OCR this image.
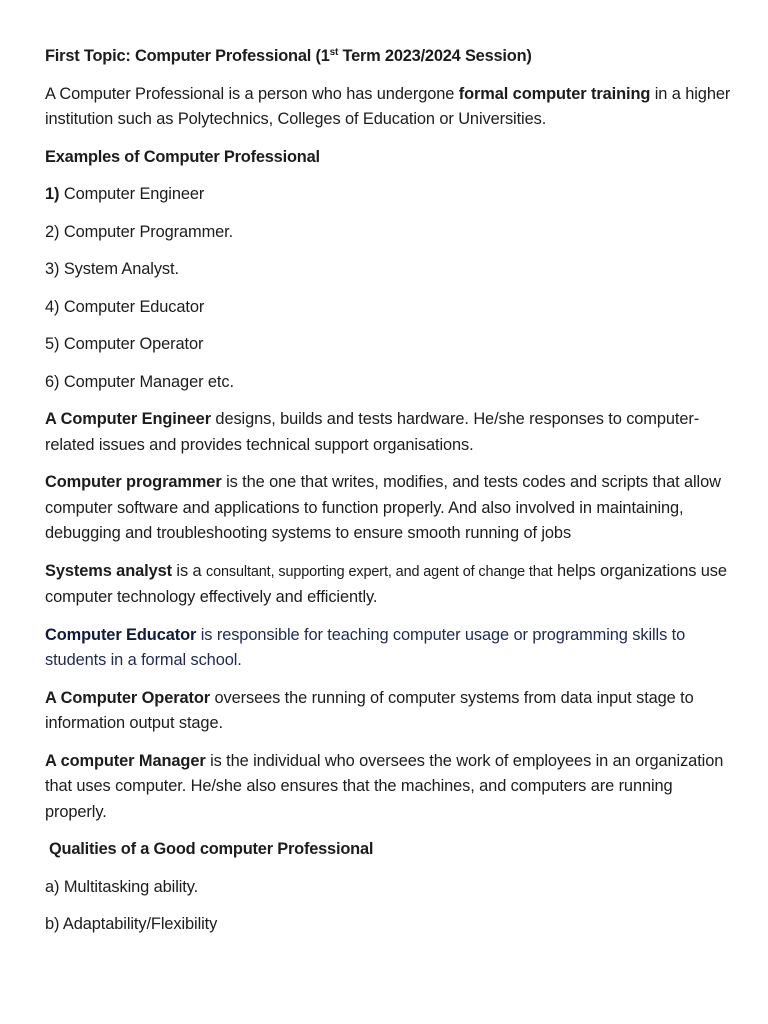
First Topic: Computer Professional (1st Term 2023/2024 Session)

A Computer Professional is a person who has undergone formal computer training in a higher institution such as Polytechnics, Colleges of Education or Universities.

Examples of Computer Professional

1) Computer Engineer

2) Computer Programmer.

3) System Analyst.

4) Computer Educator

5) Computer Operator

6) Computer Manager etc.

A Computer Engineer designs, builds and tests hardware. He/she responses to computer-related issues and provides technical support organisations.

Computer programmer is the one that writes, modifies, and tests codes and scripts that allow computer software and applications to function properly. And also involved in maintaining, debugging and troubleshooting systems to ensure smooth running of jobs

Systems analyst is a consultant, supporting expert, and agent of change that helps organizations use computer technology effectively and efficiently.

Computer Educator is responsible for teaching computer usage or programming skills to students in a formal school.

A Computer Operator oversees the running of computer systems from data input stage to information output stage.

A computer Manager is the individual who oversees the work of employees in an organization that uses computer. He/she also ensures that the machines, and computers are running properly.

Qualities of a Good computer Professional

a) Multitasking ability.

b) Adaptability/Flexibility
